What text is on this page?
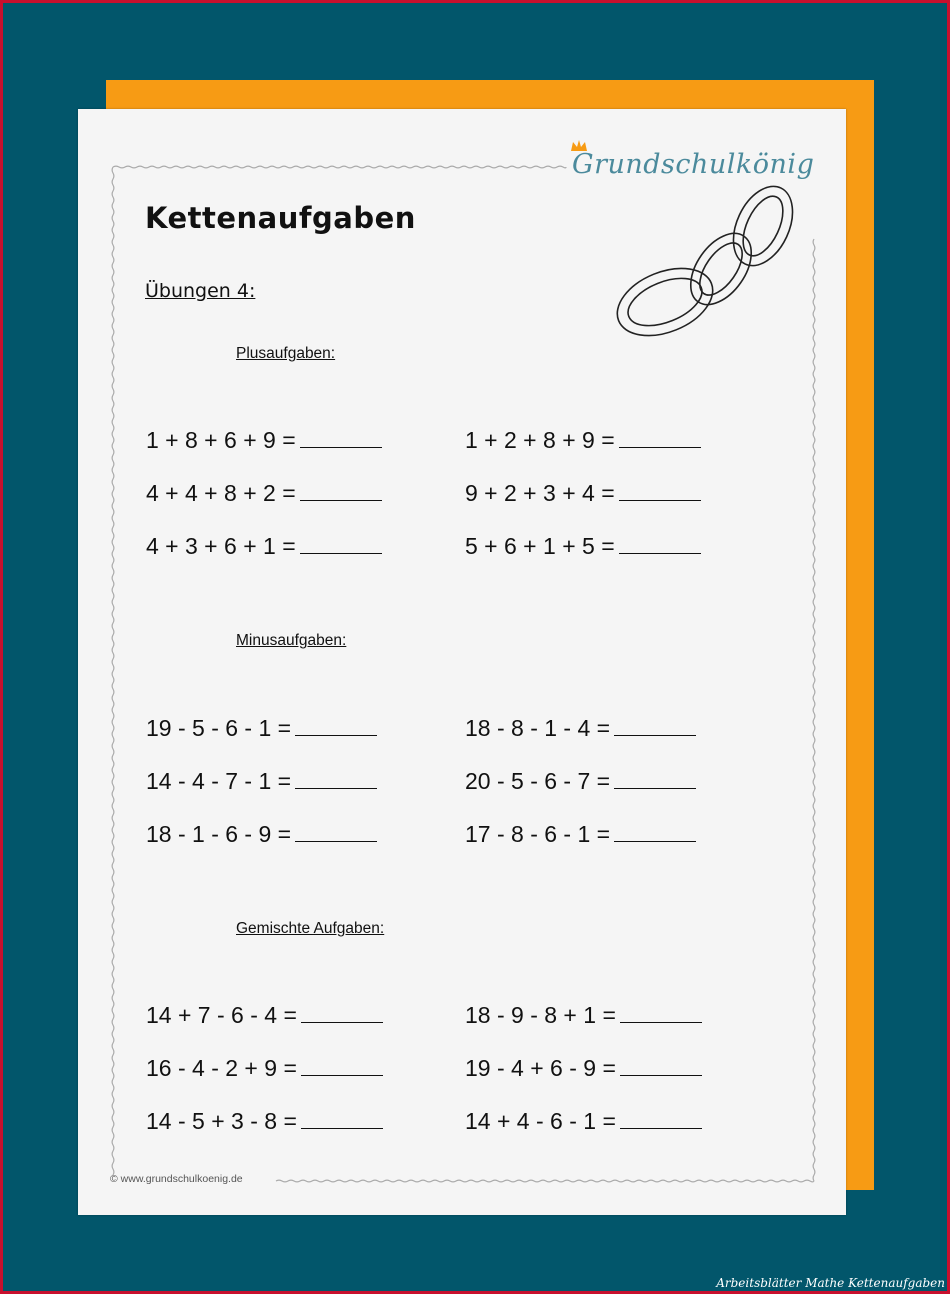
Grundschulkönig
Kettenaufgaben
Übungen 4:
Plusaufgaben:
1 + 8 + 6 + 9 =
4 + 4 + 8 + 2 =
4 + 3 + 6 + 1 =
1 + 2 + 8 + 9 =
9 + 2 + 3 + 4 =
5 + 6 + 1 + 5 =
Minusaufgaben:
19 - 5 - 6 - 1 =
14 - 4 - 7 - 1 =
18 - 1 - 6 - 9 =
18 - 8 - 1 - 4 =
20 - 5 - 6 - 7 =
17 - 8 - 6 - 1 =
Gemischte Aufgaben:
14 + 7 - 6 - 4 =
16 - 4 - 2 + 9 =
14 - 5 + 3 - 8 =
18 - 9 - 8 + 1 =
19 - 4 + 6 - 9 =
14 + 4 - 6 - 1 =
© www.grundschulkoenig.de
Arbeitsblätter Mathe Kettenaufgaben
